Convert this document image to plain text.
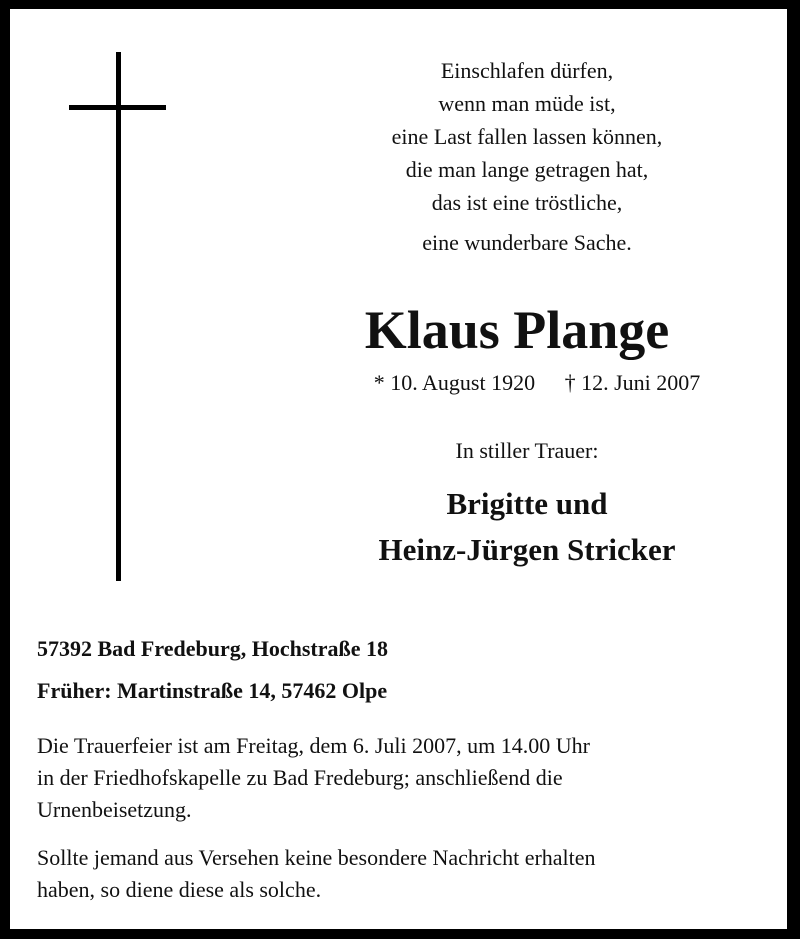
Einschlafen dürfen,
wenn man müde ist,
eine Last fallen lassen können,
die man lange getragen hat,
das ist eine tröstliche,
eine wunderbare Sache.
Klaus Plange
* 10. August 1920 † 12. Juni 2007
In stiller Trauer:
Brigitte und
Heinz-Jürgen Stricker
57392 Bad Fredeburg, Hochstraße 18
Früher: Martinstraße 14, 57462 Olpe
Die Trauerfeier ist am Freitag, dem 6. Juli 2007, um 14.00 Uhr
in der Friedhofskapelle zu Bad Fredeburg; anschließend die
Urnenbeisetzung.
Sollte jemand aus Versehen keine besondere Nachricht erhalten
haben, so diene diese als solche.
